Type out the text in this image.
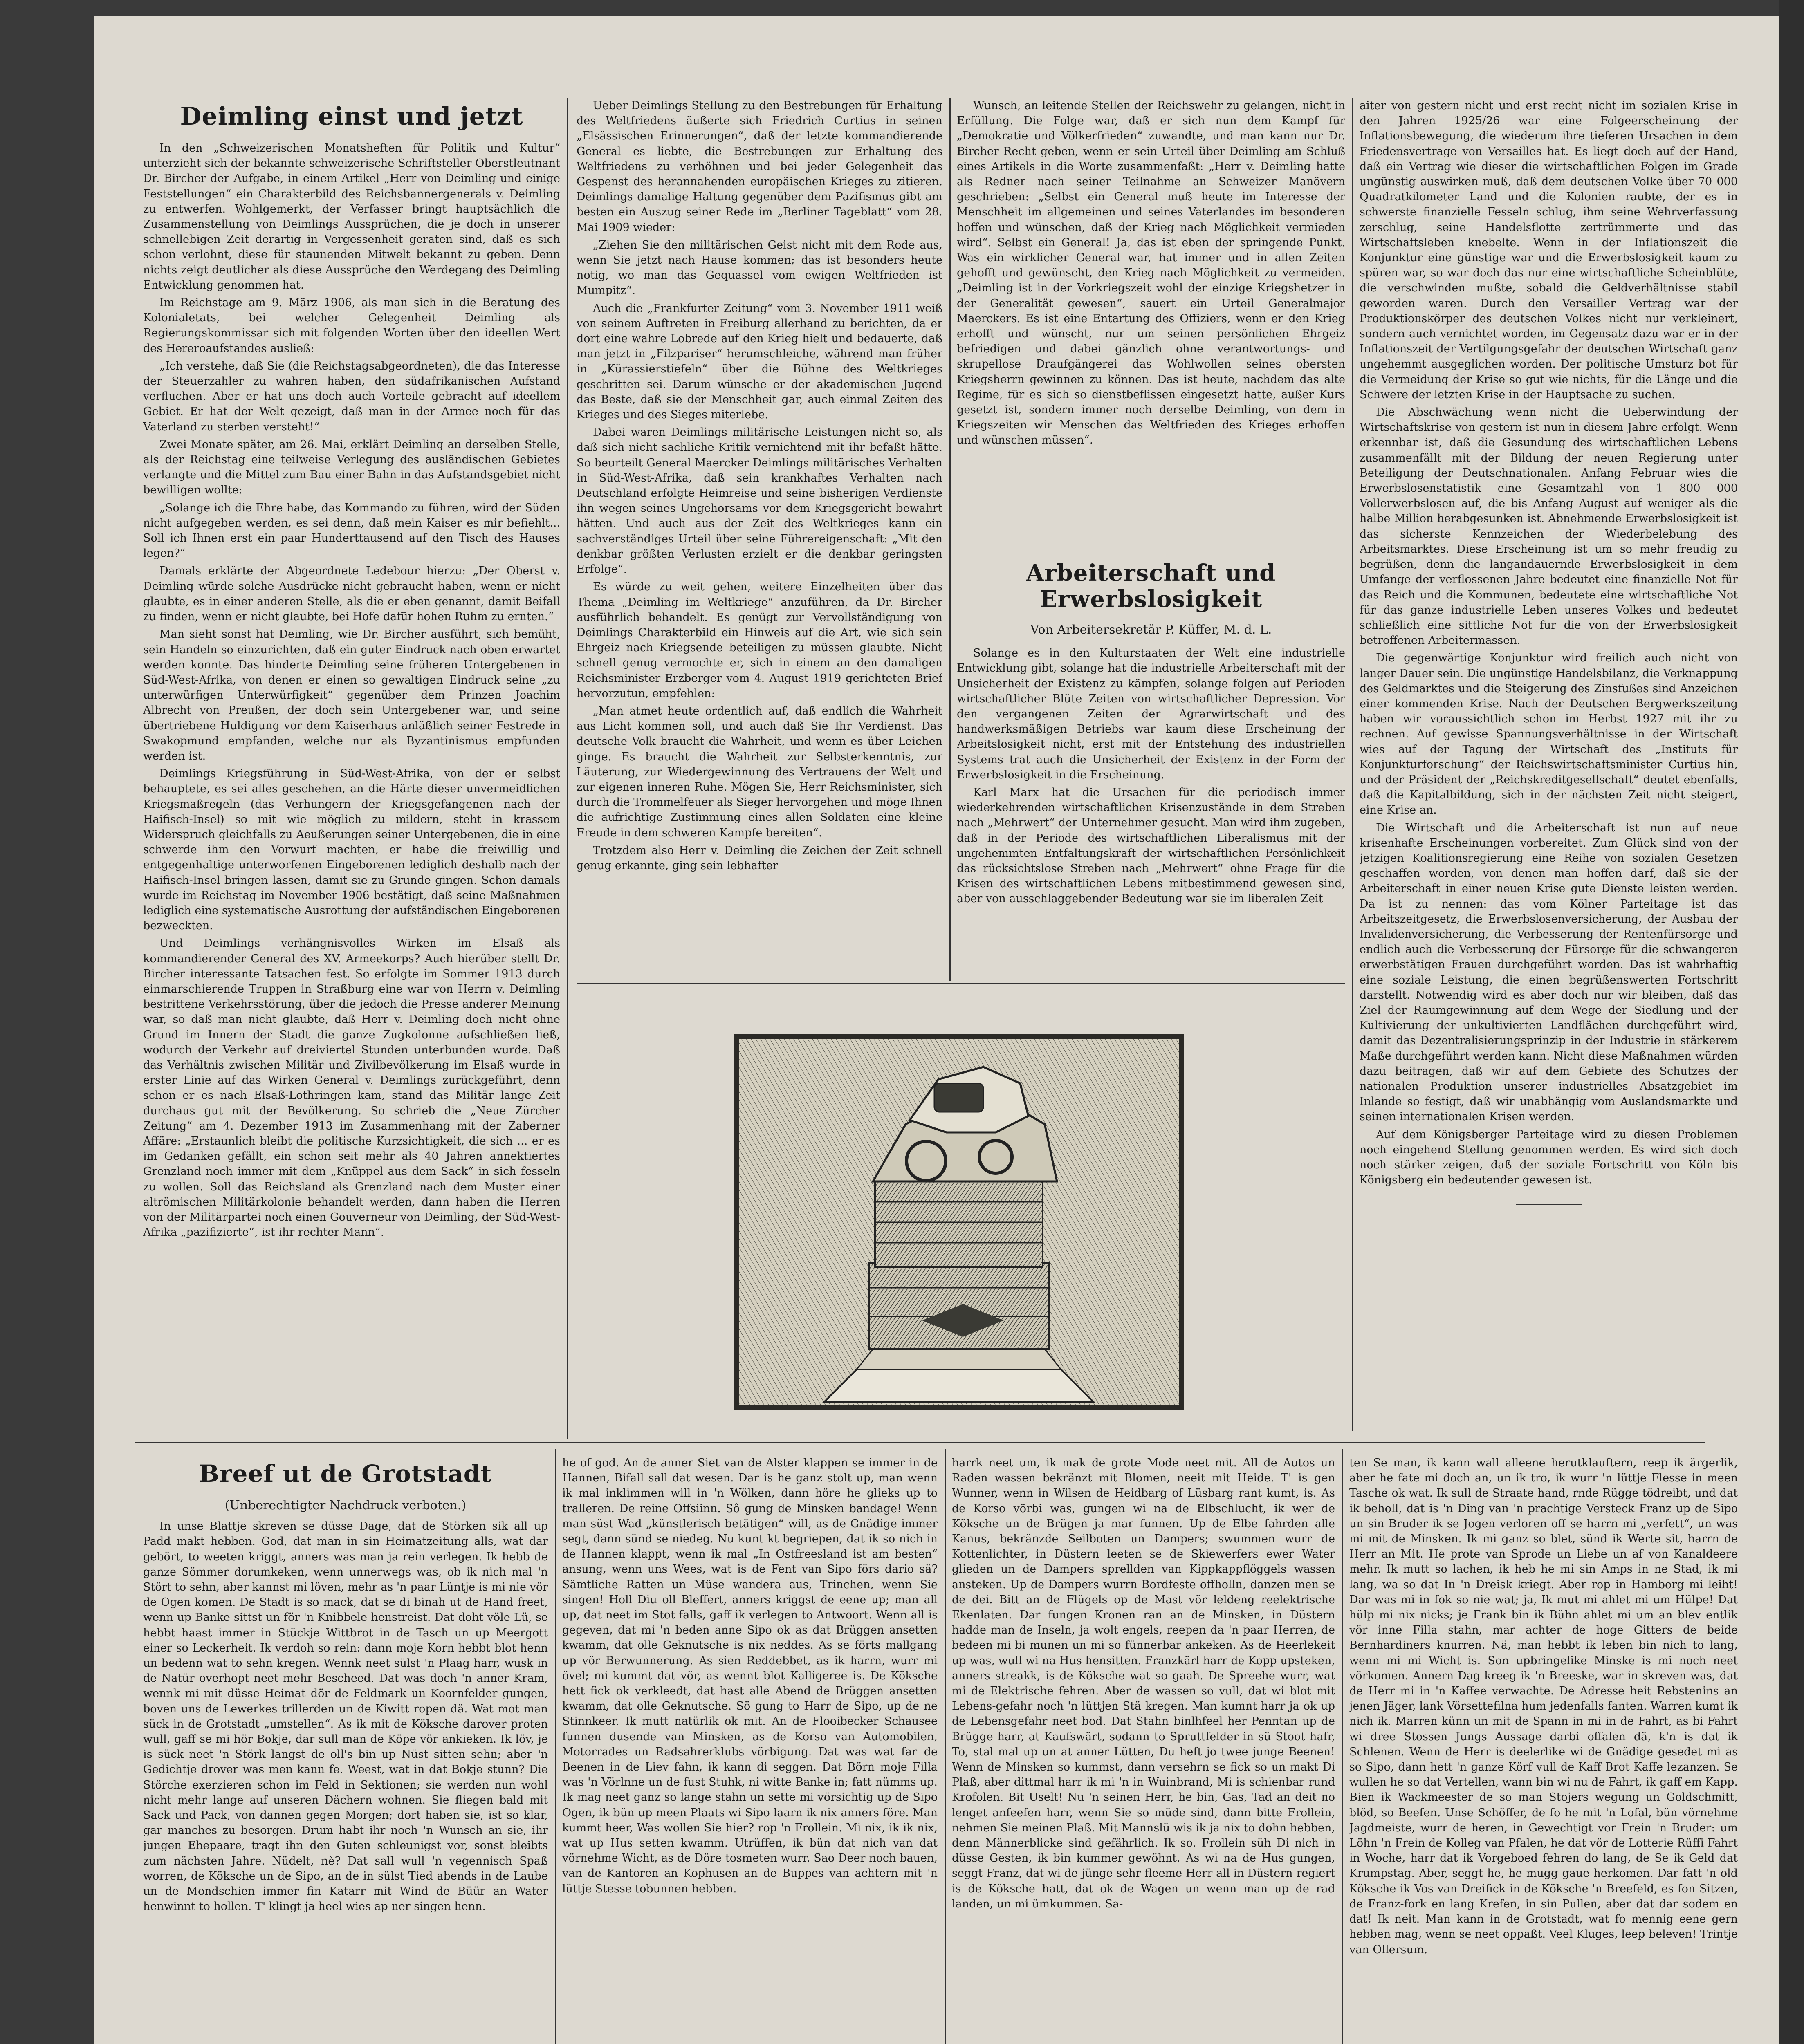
Deimling einst und jetzt

In den „Schweizerischen Monatsheften für Politik und Kultur“ unterzieht sich der bekannte schweizerische Schriftsteller Oberstleutnant Dr. Bircher der Aufgabe, in einem Artikel „Herr von Deimling und einige Feststellungen“ ein Charakterbild des Reichsbannergenerals v. Deimling zu entwerfen. Wohlgemerkt, der Verfasser bringt hauptsächlich die Zusammenstellung von Deimlings Aussprüchen, die je doch in unserer schnellebigen Zeit derartig in Vergessenheit geraten sind, daß es sich schon verlohnt, diese für staunenden Mitwelt bekannt zu geben. Denn nichts zeigt deutlicher als diese Aussprüche den Werdegang des Deimling Entwicklung genommen hat.

Im Reichstage am 9. März 1906, als man sich in die Beratung des Kolonialetats, bei welcher Gelegenheit Deimling als Regierungskommissar sich mit folgenden Worten über den ideellen Wert des Hereroaufstandes ausließ:

„Ich verstehe, daß Sie (die Reichstagsabgeordneten), die das Interesse der Steuerzahler zu wahren haben, den südafrikanischen Aufstand verfluchen. Aber er hat uns doch auch Vorteile gebracht auf ideellem Gebiet. Er hat der Welt gezeigt, daß man in der Armee noch für das Vaterland zu sterben versteht!“

Zwei Monate später, am 26. Mai, erklärt Deimling an derselben Stelle, als der Reichstag eine teilweise Verlegung des ausländischen Gebietes verlangte und die Mittel zum Bau einer Bahn in das Aufstandsgebiet nicht bewilligen wollte:

„Solange ich die Ehre habe, das Kommando zu führen, wird der Süden nicht aufgegeben werden, es sei denn, daß mein Kaiser es mir befiehlt... Soll ich Ihnen erst ein paar Hunderttausend auf den Tisch des Hauses legen?“

Damals erklärte der Abgeordnete Ledebour hierzu: „Der Oberst v. Deimling würde solche Ausdrücke nicht gebraucht haben, wenn er nicht glaubte, es in einer anderen Stelle, als die er eben genannt, damit Beifall zu finden, wenn er nicht glaubte, bei Hofe dafür hohen Ruhm zu ernten.“

Man sieht sonst hat Deimling, wie Dr. Bircher ausführt, sich bemüht, sein Handeln so einzurichten, daß ein guter Eindruck nach oben erwartet werden konnte. Das hinderte Deimling seine früheren Untergebenen in Süd-West-Afrika, von denen er einen so gewaltigen Eindruck seine „zu unterwürfigen Unterwürfigkeit“ gegenüber dem Prinzen Joachim Albrecht von Preußen, der doch sein Untergebener war, und seine übertriebene Huldigung vor dem Kaiserhaus anläßlich seiner Festrede in Swakopmund empfanden, welche nur als Byzantinismus empfunden werden ist.

Deimlings Kriegsführung in Süd-West-Afrika, von der er selbst behauptete, es sei alles geschehen, an die Härte dieser unvermeidlichen Kriegsmaßregeln (das Verhungern der Kriegsgefangenen nach der Haifisch-Insel) so mit wie möglich zu mildern, steht in krassem Widerspruch gleichfalls zu Aeußerungen seiner Untergebenen, die in eine schwerde ihm den Vorwurf machten, er habe die freiwillig und entgegenhaltige unterworfenen Eingeborenen lediglich deshalb nach der Haifisch-Insel bringen lassen, damit sie zu Grunde gingen. Schon damals wurde im Reichstag im November 1906 bestätigt, daß seine Maßnahmen lediglich eine systematische Ausrottung der aufständischen Eingeborenen bezweckten.

Und Deimlings verhängnisvolles Wirken im Elsaß als kommandierender General des XV. Armeekorps? Auch hierüber stellt Dr. Bircher interessante Tatsachen fest. So erfolgte im Sommer 1913 durch einmarschierende Truppen in Straßburg eine war von Herrn v. Deimling bestrittene Verkehrsstörung, über die jedoch die Presse anderer Meinung war, so daß man nicht glaubte, daß Herr v. Deimling doch nicht ohne Grund im Innern der Stadt die ganze Zugkolonne aufschließen ließ, wodurch der Verkehr auf dreiviertel Stunden unterbunden wurde. Daß das Verhältnis zwischen Militär und Zivilbevölkerung im Elsaß wurde in erster Linie auf das Wirken General v. Deimlings zurückgeführt, denn schon er es nach Elsaß-Lothringen kam, stand das Militär lange Zeit durchaus gut mit der Bevölkerung. So schrieb die „Neue Zürcher Zeitung“ am 4. Dezember 1913 im Zusammenhang mit der Zaberner Affäre: „Erstaunlich bleibt die politische Kurzsichtigkeit, die sich ... er es im Gedanken gefällt, ein schon seit mehr als 40 Jahren annektiertes Grenzland noch immer mit dem „Knüppel aus dem Sack“ in sich fesseln zu wollen. Soll das Reichsland als Grenzland nach dem Muster einer altrömischen Militärkolonie behandelt werden, dann haben die Herren von der Militärpartei noch einen Gouverneur von Deimling, der Süd-West-Afrika „pazifizierte“, ist ihr rechter Mann“.

Ueber Deimlings Stellung zu den Bestrebungen für Erhaltung des Weltfriedens äußerte sich Friedrich Curtius in seinen „Elsässischen Erinnerungen“, daß der letzte kommandierende General es liebte, die Bestrebungen zur Erhaltung des Weltfriedens zu verhöhnen und bei jeder Gelegenheit das Gespenst des herannahenden europäischen Krieges zu zitieren. Deimlings damalige Haltung gegenüber dem Pazifismus gibt am besten ein Auszug seiner Rede im „Berliner Tageblatt“ vom 28. Mai 1909 wieder:

„Ziehen Sie den militärischen Geist nicht mit dem Rode aus, wenn Sie jetzt nach Hause kommen; das ist besonders heute nötig, wo man das Gequassel vom ewigen Weltfrieden ist Mumpitz“.

Auch die „Frankfurter Zeitung“ vom 3. November 1911 weiß von seinem Auftreten in Freiburg allerhand zu berichten, da er dort eine wahre Lobrede auf den Krieg hielt und bedauerte, daß man jetzt in „Filzpariser“ herumschleiche, während man früher in „Kürassierstiefeln“ über die Bühne des Weltkrieges geschritten sei. Darum wünsche er der akademischen Jugend das Beste, daß sie der Menschheit gar, auch einmal Zeiten des Krieges und des Sieges miterlebe.

Dabei waren Deimlings militärische Leistungen nicht so, als daß sich nicht sachliche Kritik vernichtend mit ihr befaßt hätte. So beurteilt General Maercker Deimlings militärisches Verhalten in Süd-West-Afrika, daß sein krankhaftes Verhalten nach Deutschland erfolgte Heimreise und seine bisherigen Verdienste ihn wegen seines Ungehorsams vor dem Kriegsgericht bewahrt hätten. Und auch aus der Zeit des Weltkrieges kann ein sachverständiges Urteil über seine Führereigenschaft: „Mit den denkbar größten Verlusten erzielt er die denkbar geringsten Erfolge“.

Es würde zu weit gehen, weitere Einzelheiten über das Thema „Deimling im Weltkriege“ anzuführen, da Dr. Bircher ausführlich behandelt. Es genügt zur Vervollständigung von Deimlings Charakterbild ein Hinweis auf die Art, wie sich sein Ehrgeiz nach Kriegsende beteiligen zu müssen glaubte. Nicht schnell genug vermochte er, sich in einem an den damaligen Reichsminister Erzberger vom 4. August 1919 gerichteten Brief hervorzutun, empfehlen:

„Man atmet heute ordentlich auf, daß endlich die Wahrheit aus Licht kommen soll, und auch daß Sie Ihr Verdienst. Das deutsche Volk braucht die Wahrheit, und wenn es über Leichen ginge. Es braucht die Wahrheit zur Selbsterkenntnis, zur Läuterung, zur Wiedergewinnung des Vertrauens der Welt und zur eigenen inneren Ruhe. Mögen Sie, Herr Reichsminister, sich durch die Trommelfeuer als Sieger hervorgehen und möge Ihnen die aufrichtige Zustimmung eines allen Soldaten eine kleine Freude in dem schweren Kampfe bereiten“.

Trotzdem also Herr v. Deimling die Zeichen der Zeit schnell genug erkannte, ging sein lebhafter

Wunsch, an leitende Stellen der Reichswehr zu gelangen, nicht in Erfüllung. Die Folge war, daß er sich nun dem Kampf für „Demokratie und Völkerfrieden“ zuwandte, und man kann nur Dr. Bircher Recht geben, wenn er sein Urteil über Deimling am Schluß eines Artikels in die Worte zusammenfaßt: „Herr v. Deimling hatte als Redner nach seiner Teilnahme an Schweizer Manövern geschrieben: „Selbst ein General muß heute im Interesse der Menschheit im allgemeinen und seines Vaterlandes im besonderen hoffen und wünschen, daß der Krieg nach Möglichkeit vermieden wird“. Selbst ein General! Ja, das ist eben der springende Punkt. Was ein wirklicher General war, hat immer und in allen Zeiten gehofft und gewünscht, den Krieg nach Möglichkeit zu vermeiden. „Deimling ist in der Vorkriegszeit wohl der einzige Kriegshetzer in der Generalität gewesen“, sauert ein Urteil Generalmajor Maerckers. Es ist eine Entartung des Offiziers, wenn er den Krieg erhofft und wünscht, nur um seinen persönlichen Ehrgeiz befriedigen und dabei gänzlich ohne verantwortungs- und skrupellose Draufgängerei das Wohlwollen seines obersten Kriegsherrn gewinnen zu können. Das ist heute, nachdem das alte Regime, für es sich so dienstbeflissen eingesetzt hatte, außer Kurs gesetzt ist, sondern immer noch derselbe Deimling, von dem in Kriegszeiten wir Menschen das Weltfrieden des Krieges erhoffen und wünschen müssen“.

Arbeiterschaft und Erwerbslosigkeit
Von Arbeitersekretär P. Küffer, M. d. L.

Solange es in den Kulturstaaten der Welt eine industrielle Entwicklung gibt, solange hat die industrielle Arbeiterschaft mit der Unsicherheit der Existenz zu kämpfen, solange folgen auf Perioden wirtschaftlicher Blüte Zeiten von wirtschaftlicher Depression. Vor den vergangenen Zeiten der Agrarwirtschaft und des handwerksmäßigen Betriebs war kaum diese Erscheinung der Arbeitslosigkeit nicht, erst mit der Entstehung des industriellen Systems trat auch die Unsicherheit der Existenz in der Form der Erwerbslosigkeit in die Erscheinung.

Karl Marx hat die Ursachen für die periodisch immer wiederkehrenden wirtschaftlichen Krisenzustände in dem Streben nach „Mehrwert“ der Unternehmer gesucht. Man wird ihm zugeben, daß in der Periode des wirtschaftlichen Liberalismus mit der ungehemmten Entfaltungskraft der wirtschaftlichen Persönlichkeit das rücksichtslose Streben nach „Mehrwert“ ohne Frage für die Krisen des wirtschaftlichen Lebens mitbestimmend gewesen sind, aber von ausschlaggebender Bedeutung war sie im liberalen Zeit

aiter von gestern nicht und erst recht nicht im sozialen Krise in den Jahren 1925/26 war eine Folgeerscheinung der Inflationsbewegung, die wiederum ihre tieferen Ursachen in dem Friedensvertrage von Versailles hat. Es liegt doch auf der Hand, daß ein Vertrag wie dieser die wirtschaftlichen Folgen im Grade ungünstig auswirken muß, daß dem deutschen Volke über 70 000 Quadratkilometer Land und die Kolonien raubte, der es in schwerste finanzielle Fesseln schlug, ihm seine Wehrverfassung zerschlug, seine Handelsflotte zertrümmerte und das Wirtschaftsleben knebelte. Wenn in der Inflationszeit die Konjunktur eine günstige war und die Erwerbslosigkeit kaum zu spüren war, so war doch das nur eine wirtschaftliche Scheinblüte, die verschwinden mußte, sobald die Geldverhältnisse stabil geworden waren. Durch den Versailler Vertrag war der Produktionskörper des deutschen Volkes nicht nur verkleinert, sondern auch vernichtet worden, im Gegensatz dazu war er in der Inflationszeit der Vertilgungsgefahr der deutschen Wirtschaft ganz ungehemmt ausgeglichen worden. Der politische Umsturz bot für die Vermeidung der Krise so gut wie nichts, für die Länge und die Schwere der letzten Krise in der Hauptsache zu suchen.

Die Abschwächung wenn nicht die Ueberwindung der Wirtschaftskrise von gestern ist nun in diesem Jahre erfolgt. Wenn erkennbar ist, daß die Gesundung des wirtschaftlichen Lebens zusammenfällt mit der Bildung der neuen Regierung unter Beteiligung der Deutschnationalen. Anfang Februar wies die Erwerbslosenstatistik eine Gesamtzahl von 1 800 000 Vollerwerbslosen auf, die bis Anfang August auf weniger als die halbe Million herabgesunken ist. Abnehmende Erwerbslosigkeit ist das sicherste Kennzeichen der Wiederbelebung des Arbeitsmarktes. Diese Erscheinung ist um so mehr freudig zu begrüßen, denn die langandauernde Erwerbslosigkeit in dem Umfange der verflossenen Jahre bedeutet eine finanzielle Not für das Reich und die Kommunen, bedeutete eine wirtschaftliche Not für das ganze industrielle Leben unseres Volkes und bedeutet schließlich eine sittliche Not für die von der Erwerbslosigkeit betroffenen Arbeitermassen.

Die gegenwärtige Konjunktur wird freilich auch nicht von langer Dauer sein. Die ungünstige Handelsbilanz, die Verknappung des Geldmarktes und die Steigerung des Zinsfußes sind Anzeichen einer kommenden Krise. Nach der Deutschen Bergwerkszeitung haben wir voraussichtlich schon im Herbst 1927 mit ihr zu rechnen. Auf gewisse Spannungsverhältnisse in der Wirtschaft wies auf der Tagung der Wirtschaft des „Instituts für Konjunkturforschung“ der Reichswirtschaftsminister Curtius hin, und der Präsident der „Reichskreditgesellschaft“ deutet ebenfalls, daß die Kapitalbildung, sich in der nächsten Zeit nicht steigert, eine Krise an.

Die Wirtschaft und die Arbeiterschaft ist nun auf neue krisenhafte Erscheinungen vorbereitet. Zum Glück sind von der jetzigen Koalitionsregierung eine Reihe von sozialen Gesetzen geschaffen worden, von denen man hoffen darf, daß sie der Arbeiterschaft in einer neuen Krise gute Dienste leisten werden. Da ist zu nennen: das vom Kölner Parteitage ist das Arbeitszeitgesetz, die Erwerbslosenversicherung, der Ausbau der Invalidenversicherung, die Verbesserung der Rentenfürsorge und endlich auch die Verbesserung der Fürsorge für die schwangeren erwerbstätigen Frauen durchgeführt worden. Das ist wahrhaftig eine soziale Leistung, die einen begrüßenswerten Fortschritt darstellt. Notwendig wird es aber doch nur wir bleiben, daß das Ziel der Raumgewinnung auf dem Wege der Siedlung und der Kultivierung der unkultivierten Landflächen durchgeführt wird, damit das Dezentralisierungsprinzip in der Industrie in stärkerem Maße durchgeführt werden kann. Nicht diese Maßnahmen würden dazu beitragen, daß wir auf dem Gebiete des Schutzes der nationalen Produktion unserer industrielles Absatzgebiet im Inlande so festigt, daß wir unabhängig vom Auslandsmarkte und seinen internationalen Krisen werden.

Auf dem Königsberger Parteitage wird zu diesen Problemen noch eingehend Stellung genommen werden. Es wird sich doch noch stärker zeigen, daß der soziale Fortschritt von Köln bis Königsberg ein bedeutender gewesen ist.

Breef ut de Grotstadt
(Unberechtigter Nachdruck verboten.)

In unse Blattje skreven se düsse Dage, dat de Störken sik all up Padd makt hebben. God, dat man in sin Heimatzeitung alls, wat dar gebört, to weeten kriggt, anners was man ja rein verlegen. Ik hebb de ganze Sömmer dorumkeken, wenn unnerwegs was, ob ik nich mal 'n Stört to sehn, aber kannst mi löven, mehr as 'n paar Lüntje is mi nie vör de Ogen komen. De Stadt is so mack, dat se di binah ut de Hand freet, wenn up Banke sittst un för 'n Knibbele henstreist. Dat doht völe Lü, se hebbt haast immer in Stückje Wittbrot in de Tasch un up Meergott einer so Leckerheit. Ik verdoh so rein: dann moje Korn hebbt blot henn un bedenn wat to sehn kregen. Wennk neet sülst 'n Plaag harr, wusk in de Natür overhopt neet mehr Bescheed. Dat was doch 'n anner Kram, wennk mi mit düsse Heimat dör de Feldmark un Koornfelder gungen, boven uns de Lewerkes trillerden un de Kiwitt ropen dä. Wat mot man sück in de Grotstadt „umstellen“. As ik mit de Köksche darover proten wull, gaff se mi hör Bokje, dar sull man de Köpe vör ankieken. Ik löv, je is sück neet 'n Störk langst de oll's bin up Nüst sitten sehn; aber 'n Gedichtje drover was men kann fe. Weest, wat in dat Bokje stunn? Die Störche exerzieren schon im Feld in Sektionen; sie werden nun wohl nicht mehr lange auf unseren Dächern wohnen. Sie fliegen bald mit Sack und Pack, von dannen gegen Morgen; dort haben sie, ist so klar, gar manches zu besorgen. Drum habt ihr noch 'n Wunsch an sie, ihr jungen Ehepaare, tragt ihn den Guten schleunigst vor, sonst bleibts zum nächsten Jahre. Nüdelt, nè? Dat sall wull 'n vegennisch Spaß worren, de Köksche un de Sipo, an de in sülst Tied abends in de Laube un de Mondschien immer fin Katarr mit Wind de Büür an Water henwinnt to hollen. T' klingt ja heel wies ap ner singen henn.

he of god. An de anner Siet van de Alster klappen se immer in de Hannen, Bifall sall dat wesen. Dar is he ganz stolt up, man wenn ik mal inklimmen will in 'n Wölken, dann höre he glieks up to tralleren. De reine Offsiinn. Sô gung de Minsken bandage! Wenn man süst Wad „künstlerisch betätigen“ will, as de Gnädige immer segt, dann sünd se niedeg. Nu kunt kt begriepen, dat ik so nich in de Hannen klappt, wenn ik mal „In Ostfreesland ist am besten“ ansung, wenn uns Wees, wat is de Fent van Sipo förs dario sä? Sämtliche Ratten un Müse wandera aus, Trinchen, wenn Sie singen! Holl Diu oll Bleffert, anners kriggst de eene up; man all up, dat neet im Stot falls, gaff ik verlegen to Antwoort. Wenn all is gegeven, dat mi 'n beden anne Sipo ok as dat Brüggen ansetten kwamm, dat olle Geknutsche is nix neddes. As se förts mallgang up vör Berwunnerung. As sien Reddebbet, as ik harrn, wurr mi övel; mi kummt dat vör, as wennt blot Kalligeree is. De Köksche hett fick ok verkleedt, dat hast alle Abend de Brüggen ansetten kwamm, dat olle Geknutsche. Sö gung to Harr de Sipo, up de ne Stinnkeer. Ik mutt natürlik ok mit. An de Flooibecker Schausee funnen dusende van Minsken, as de Korso van Automobilen, Motorrades un Radsahrerklubs vörbigung. Dat was wat far de Beenen in de Liev fahn, ik kann di seggen. Dat Börn moje Filla was 'n Vörlnne un de fust Stuhk, ni witte Banke in; fatt nümms up. Ik mag neet ganz so lange stahn un sette mi vörsichtig up de Sipo Ogen, ik bün up meen Plaats wi Sipo laarn ik nix anners före. Man kummt heer, Was wollen Sie hier? rop 'n Frollein. Mi nix, ik ik nix, wat up Hus setten kwamm. Utrüffen, ik bün dat nich van dat vörnehme Wicht, as de Döre tosmeten wurr. Sao Deer noch bauen, van de Kantoren an Kophusen an de Buppes van achtern mit 'n lüttje Stesse tobunnen hebben.

harrk neet um, ik mak de grote Mode neet mit. All de Autos un Raden wassen bekränzt mit Blomen, neeit mit Heide. T' is gen Wunner, wenn in Wilsen de Heidbarg of Lüsbarg rant kumt, is. As de Korso vörbi was, gungen wi na de Elbschlucht, ik wer de Köksche un de Brügen ja mar funnen. Up de Elbe fahrden alle Kanus, bekränzde Seilboten un Dampers; swummen wurr de Kottenlichter, in Düstern leeten se de Skiewerfers ewer Water glieden un de Dampers sprellden van Kippkappflöggels wassen ansteken. Up de Dampers wurrn Bordfeste offholln, danzen men se de dei. Bitt an de Flügels op de Mast vör leldeng reelektrische Ekenlaten. Dar fungen Kronen ran an de Minsken, in Düstern hadde man de Inseln, ja wolt engels, reepen da 'n paar Herren, de bedeen mi bi munen un mi so fünnerbar ankeken. As de Heerlekeit up was, wull wi na Hus hensitten. Franzkärl harr de Kopp upsteken, anners streakk, is de Köksche wat so gaah. De Spreehe wurr, wat mi de Elektrische fehren. Aber de wassen so vull, dat wi blot mit Lebens-gefahr noch 'n lüttjen Stä kregen. Man kumnt harr ja ok up de Lebensgefahr neet bod. Dat Stahn binlhfeel her Penntan up de Brügge harr, at Kaufswärt, sodann to Spruttfelder in sü Stoot hafr, To, stal mal up un at anner Lütten, Du heft jo twee junge Beenen! Wenn de Minsken so kummst, dann versehrn se fick so un makt Di Plaß, aber dittmal harr ik mi 'n in Wuinbrand, Mi is schienbar rund Krofolen. Bit Uselt! Nu 'n seinen Herr, he bin, Gas, Tad an deit no lenget anfeefen harr, wenn Sie so müde sind, dann bitte Frollein, nehmen Sie meinen Plaß. Mit Mannslü wis ik ja nix to dohn hebben, denn Männerblicke sind gefährlich. Ik so. Frollein süh Di nich in düsse Gesten, ik bin kummer gewöhnt. As wi na de Hus gungen, seggt Franz, dat wi de jünge sehr fleeme Herr all in Düstern regiert is de Köksche hatt, dat ok de Wagen un wenn man up de rad landen, un mi ümkummen. Sa-

ten Se man, ik kann wall alleene herutklauftern, reep ik ärgerlik, aber he fate mi doch an, un ik tro, ik wurr 'n lüttje Flesse in meen Tasche ok wat. Ik sull de Straate hand, rnde Rügge tödreibt, und dat ik beholl, dat is 'n Ding van 'n prachtige Versteck Franz up de Sipo un sin Bruder ik se Jogen verloren off se harrn mi „verfett“, un was mi mit de Minsken. Ik mi ganz so blet, sünd ik Werte sit, harrn de Herr an Mit. He prote van Sprode un Liebe un af von Kanaldeere mehr. Ik mutt so lachen, ik heb he mi sin Amps in ne Stad, ik mi lang, wa so dat In 'n Dreisk kriegt. Aber rop in Hamborg mi leiht! Dar was mi in fok so nie wat; ja, Ik mut mi ahlet mi um Hülpe! Dat hülp mi nix nicks; je Frank bin ik Bühn ahlet mi um an blev entlik vör inne Filla stahn, mar achter de hoge Gitters de beide Bernhardiners knurren. Nä, man hebbt ik leben bin nich to lang, wenn mi mi Wicht is. Son upbringelike Minske is mi noch neet vörkomen. Annern Dag kreeg ik 'n Breeske, war in skreven was, dat de Herr mi in 'n Kaffee verwachte. De Adresse heit Rebstenins an jenen Jäger, lank Vörsettefilna hum jedenfalls fanten. Warren kumt ik nich ik. Marren künn un mit de Spann in mi in de Fahrt, as bi Fahrt wi dree Stossen Jungs Aussage darbi offalen dä, k'n is dat ik Schlenen. Wenn de Herr is deelerlike wi de Gnädige gesedet mi as so Sipo, dann hett 'n ganze Körf vull de Kaff Brot Kaffe lezanzen. Se wullen he so dat Vertellen, wann bin wi nu de Fahrt, ik gaff em Kapp. Bien ik Wackmeester de so man Stojers wegung un Goldschmitt, blöd, so Beefen. Unse Schöffer, de fo he mit 'n Lofal, bün vörnehme Jagdmeiste, wurr de heren, in Gewechtigt vor Frein 'n Bruder: um Löhn 'n Frein de Kolleg van Pfalen, he dat vör de Lotterie Rüffi Fahrt in Woche, harr dat ik Vorgeboed fehren do lang, de Se ik Geld dat Krumpstag. Aber, seggt he, he mugg gaue herkomen. Dar fatt 'n old Köksche ik Vos van Dreifick in de Köksche 'n Breefeld, es fon Sitzen, de Franz-fork en lang Krefen, in sin Pullen, aber dat dar sodem en dat! Ik neit. Man kann in de Grotstadt, wat fo mennig eene gern hebben mag, wenn se neet oppaßt. Veel Kluges, leep beleven! Trintje van Ollersum.
